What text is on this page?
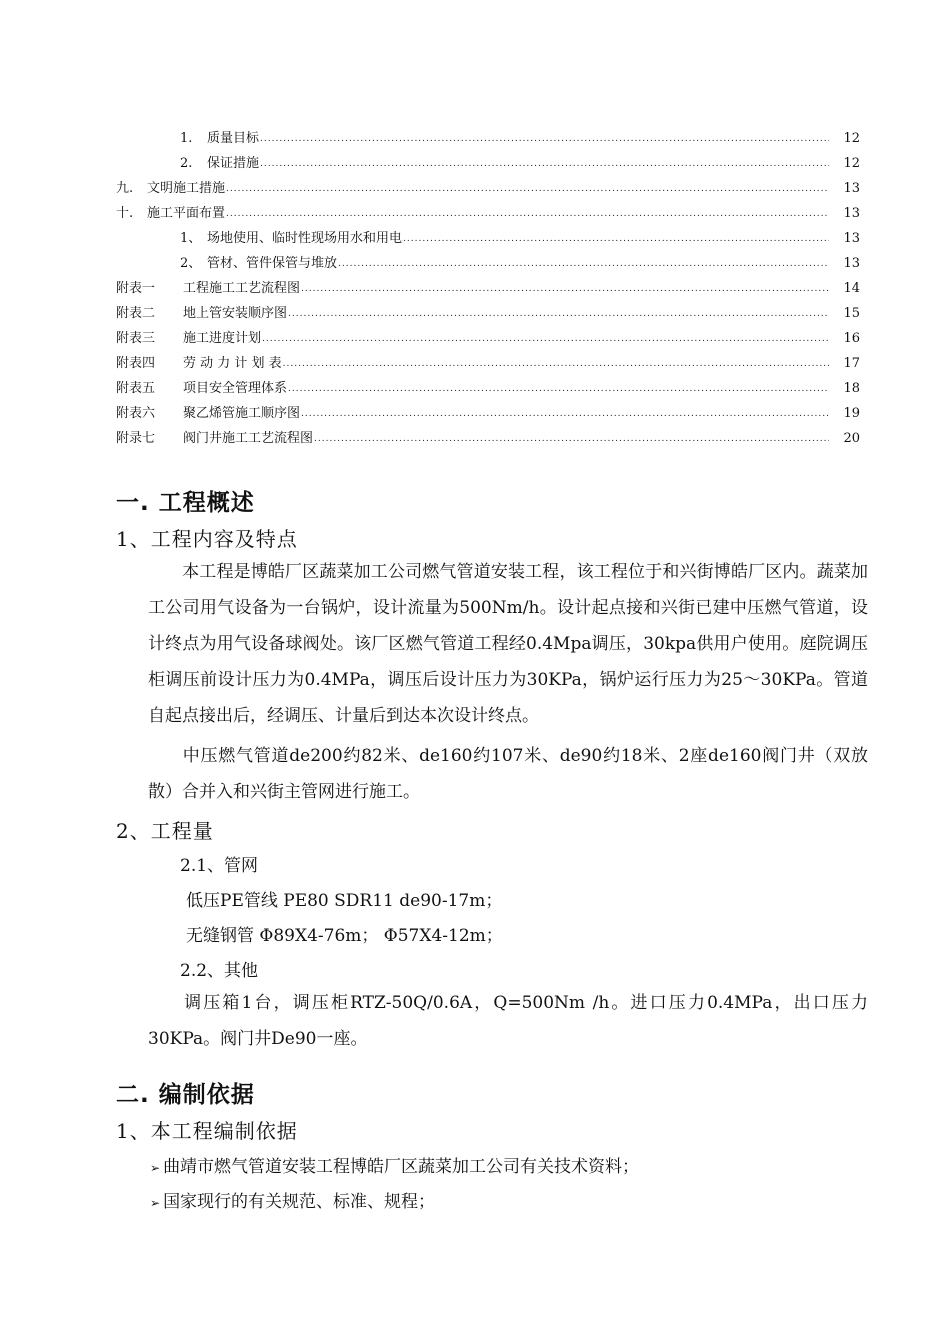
1.	质量目标 .....	12
2.	保证措施 .....	12
九.	文明施工措施 .....	13
十.	施工平面布置 .....	13
1、 场地使用、临时性现场用水和用电 .....	13
2、 管材、管件保管与堆放 .....	13
附表一	工程施工工艺流程图 .....	14
附表二	地上管安装顺序图 .....	15
附表三	施工进度计划 .....	16
附表四	劳 动 力 计 划 表 .....	17
附表五	项目安全管理体系 .....	18
附表六	聚乙烯管施工顺序图 .....	19
附录七	阀门井施工工艺流程图 .....	20
一. 工程概述
1、工程内容及特点
本工程是博皓厂区蔬菜加工公司燃气管道安装工程，该工程位于和兴街博皓厂区内。蔬菜加工公司用气设备为一台锅炉，设计流量为500Nm/h。设计起点接和兴街已建中压燃气管道，设计终点为用气设备球阀处。该厂区燃气管道工程经0.4Mpa调压，30kpa供用户使用。庭院调压柜调压前设计压力为0.4MPa，调压后设计压力为30KPa，锅炉运行压力为25～30KPa。管道自起点接出后，经调压、计量后到达本次设计终点。
中压燃气管道de200约82米、de160约107米、de90约18米、2座de160阀门井（双放散）合并入和兴街主管网进行施工。
2、工程量
2.1、管网
低压PE管线 PE80 SDR11 de90-17m；
无缝钢管 Φ89X4-76m； Φ57X4-12m；
2.2、其他
调压箱1台，调压柜RTZ-50Q/0.6A，Q=500Nm /h。进口压力0.4MPa，出口压力30KPa。阀门井De90一座。
二. 编制依据
1、本工程编制依据
➢ 曲靖市燃气管道安装工程博皓厂区蔬菜加工公司有关技术资料；
➢ 国家现行的有关规范、标准、规程；
